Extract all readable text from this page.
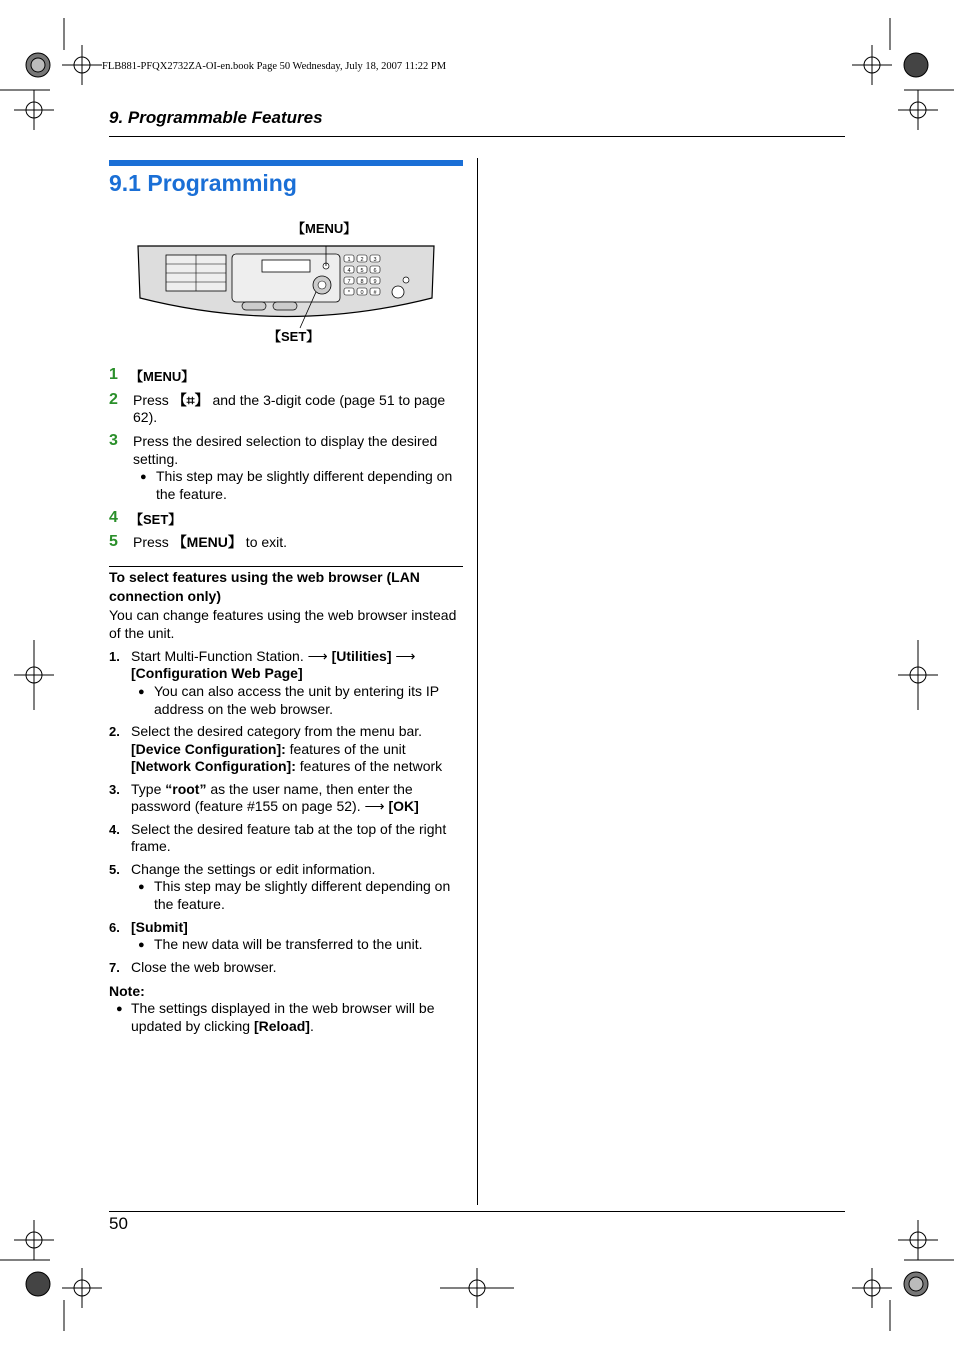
FLB881-PFQX2732ZA-OI-en.book Page 50 Wednesday, July 18, 2007 11:22 PM
9. Programmable Features
9.1 Programming
【MENU】
【SET】
1 2 3
4 5 6
7 8 9
* 0 #
1 【MENU】
2 Press 【⌗】 and the 3-digit code (page 51 to page
62).
3 Press the desired selection to display the desired
setting.
● This step may be slightly different depending on
the feature.
4 【SET】
5 Press 【MENU】 to exit.
To select features using the web browser (LAN
connection only)
You can change features using the web browser instead
of the unit.
1. Start Multi-Function Station. ⟶ [Utilities] ⟶
[Configuration Web Page]
● You can also access the unit by entering its IP
address on the web browser.
2. Select the desired category from the menu bar.
[Device Configuration]: features of the unit
[Network Configuration]: features of the network
3. Type “root” as the user name, then enter the
password (feature #155 on page 52). ⟶ [OK]
4. Select the desired feature tab at the top of the right
frame.
5. Change the settings or edit information.
● This step may be slightly different depending on
the feature.
6. [Submit]
● The new data will be transferred to the unit.
7. Close the web browser.
Note:
● The settings displayed in the web browser will be
updated by clicking [Reload].
50
